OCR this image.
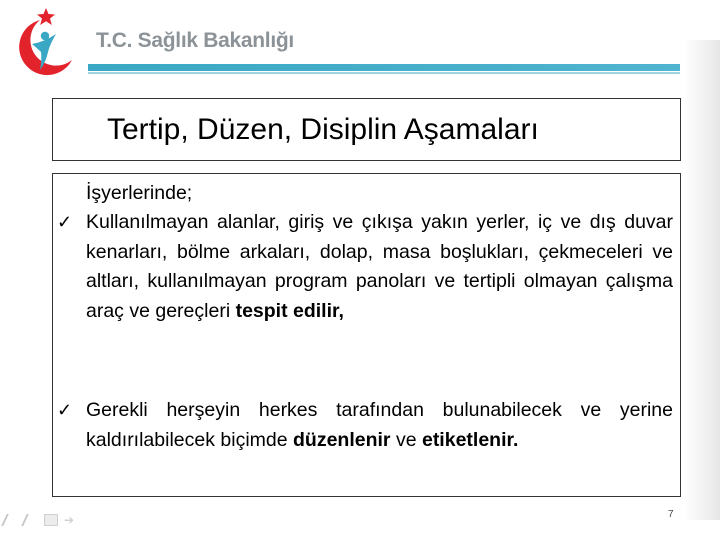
T.C. Sağlık Bakanlığı
Tertip, Düzen, Disiplin Aşamaları
İşyerlerinde;
✓ Kullanılmayan alanlar, giriş ve çıkışa yakın yerler, iç ve dış duvar kenarları, bölme arkaları, dolap, masa boşlukları, çekmeceleri ve altları, kullanılmayan program panoları ve tertipli olmayan çalışma araç ve gereçleri tespit edilir,
✓ Gerekli herşeyin herkes tarafından bulunabilecek ve yerine kaldırılabilecek biçimde düzenlenir ve etiketlenir.
7
➔
